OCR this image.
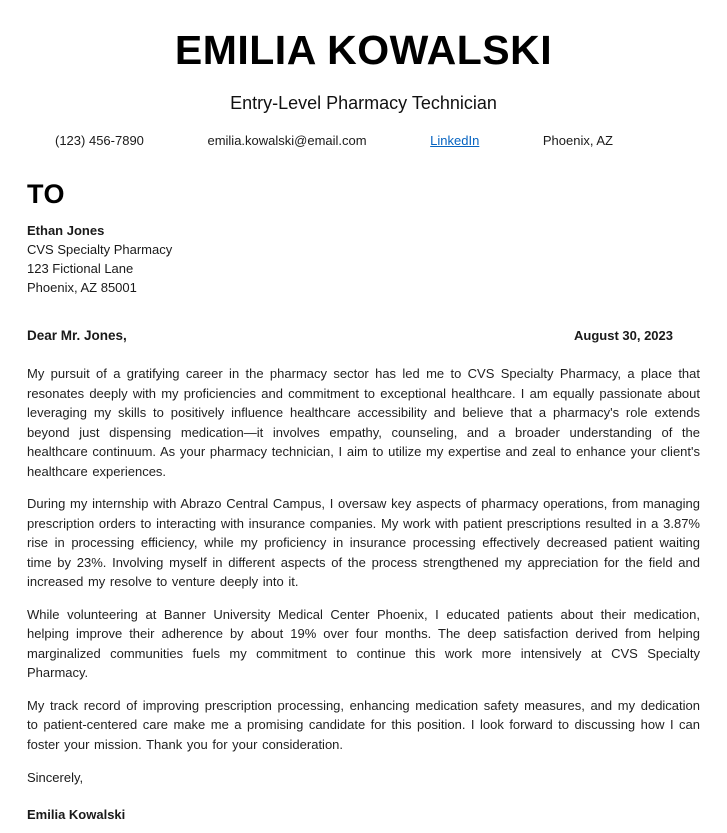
EMILIA KOWALSKI
Entry-Level Pharmacy Technician
(123) 456-7890	emilia.kowalski@email.com	LinkedIn	Phoenix, AZ
TO
Ethan Jones
CVS Specialty Pharmacy
123 Fictional Lane
Phoenix, AZ 85001
Dear Mr. Jones,	August 30, 2023

My pursuit of a gratifying career in the pharmacy sector has led me to CVS Specialty Pharmacy, a place that resonates deeply with my proficiencies and commitment to exceptional healthcare. I am equally passionate about leveraging my skills to positively influence healthcare accessibility and believe that a pharmacy's role extends beyond just dispensing medication—it involves empathy, counseling, and a broader understanding of the healthcare continuum. As your pharmacy technician, I aim to utilize my expertise and zeal to enhance your client's healthcare experiences.

During my internship with Abrazo Central Campus, I oversaw key aspects of pharmacy operations, from managing prescription orders to interacting with insurance companies. My work with patient prescriptions resulted in a 3.87% rise in processing efficiency, while my proficiency in insurance processing effectively decreased patient waiting time by 23%. Involving myself in different aspects of the process strengthened my appreciation for the field and increased my resolve to venture deeply into it.

While volunteering at Banner University Medical Center Phoenix, I educated patients about their medication, helping improve their adherence by about 19% over four months. The deep satisfaction derived from helping marginalized communities fuels my commitment to continue this work more intensively at CVS Specialty Pharmacy.

My track record of improving prescription processing, enhancing medication safety measures, and my dedication to patient-centered care make me a promising candidate for this position. I look forward to discussing how I can foster your mission. Thank you for your consideration.

Sincerely,
Emilia Kowalski
